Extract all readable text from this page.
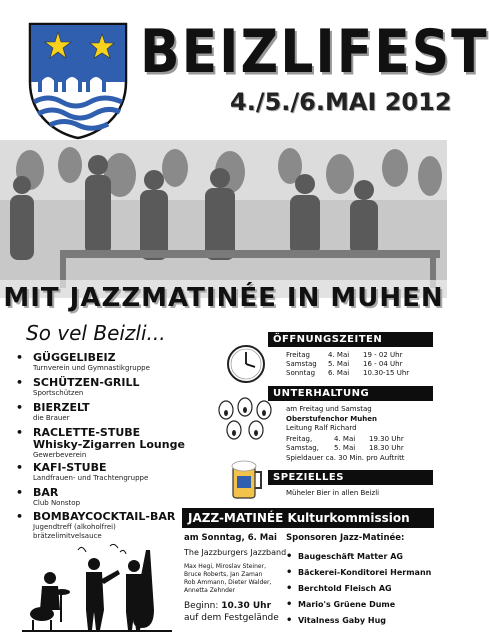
BEIZLIFEST
4./5./6.MAI 2012
MIT JAZZMATINÉE IN MUHEN
So vel Beizli...
• GÜGGELIBEIZ
Turnverein und Gymnastikgruppe
• SCHÜTZEN-GRILL
Sportschützen
• BIERZELT
die Brauer
• RACLETTE-STUBE
Whisky-Zigarren Lounge
Gewerbeverein
• KAFI-STUBE
Landfrauen- und Trachtengruppe
• BAR
Club Nonstop
• BOMBAYCOCKTAIL-BAR
Jugendtreff (alkoholfrei)
brätzelimitvelsauce
ÖFFNUNGSZEITEN
Freitag	4. Mai	19 - 02 Uhr
Samstag	5. Mai	16 - 04 Uhr
Sonntag	6. Mai	10.30-15 Uhr
UNTERHALTUNG
am Freitag und Samstag
Oberstufenchor Muhen
Leitung Ralf Richard
Freitag,	4. Mai	19.30 Uhr
Samstag,	5. Mai	18.30 Uhr
Spieldauer ca. 30 Min. pro Auftritt
SPEZIELLES
Müheler Bier in allen Beizli
JAZZ-MATINÉE Kulturkommission
am Sonntag, 6. Mai
The Jazzburgers Jazzband
Max Hegi, Miroslav Steiner,
Bruce Roberts, Jan Zaman
Rob Ammann, Dieter Walder,
Annetta Zehnder
Beginn: 10.30 Uhr
auf dem Festgelände
Sponsoren Jazz-Matinée:
• Baugeschäft Matter AG
• Bäckerei-Konditorei Hermann
• Berchtold Fleisch AG
• Mario's Grüene Dume
• Vitalness Gaby Hug
